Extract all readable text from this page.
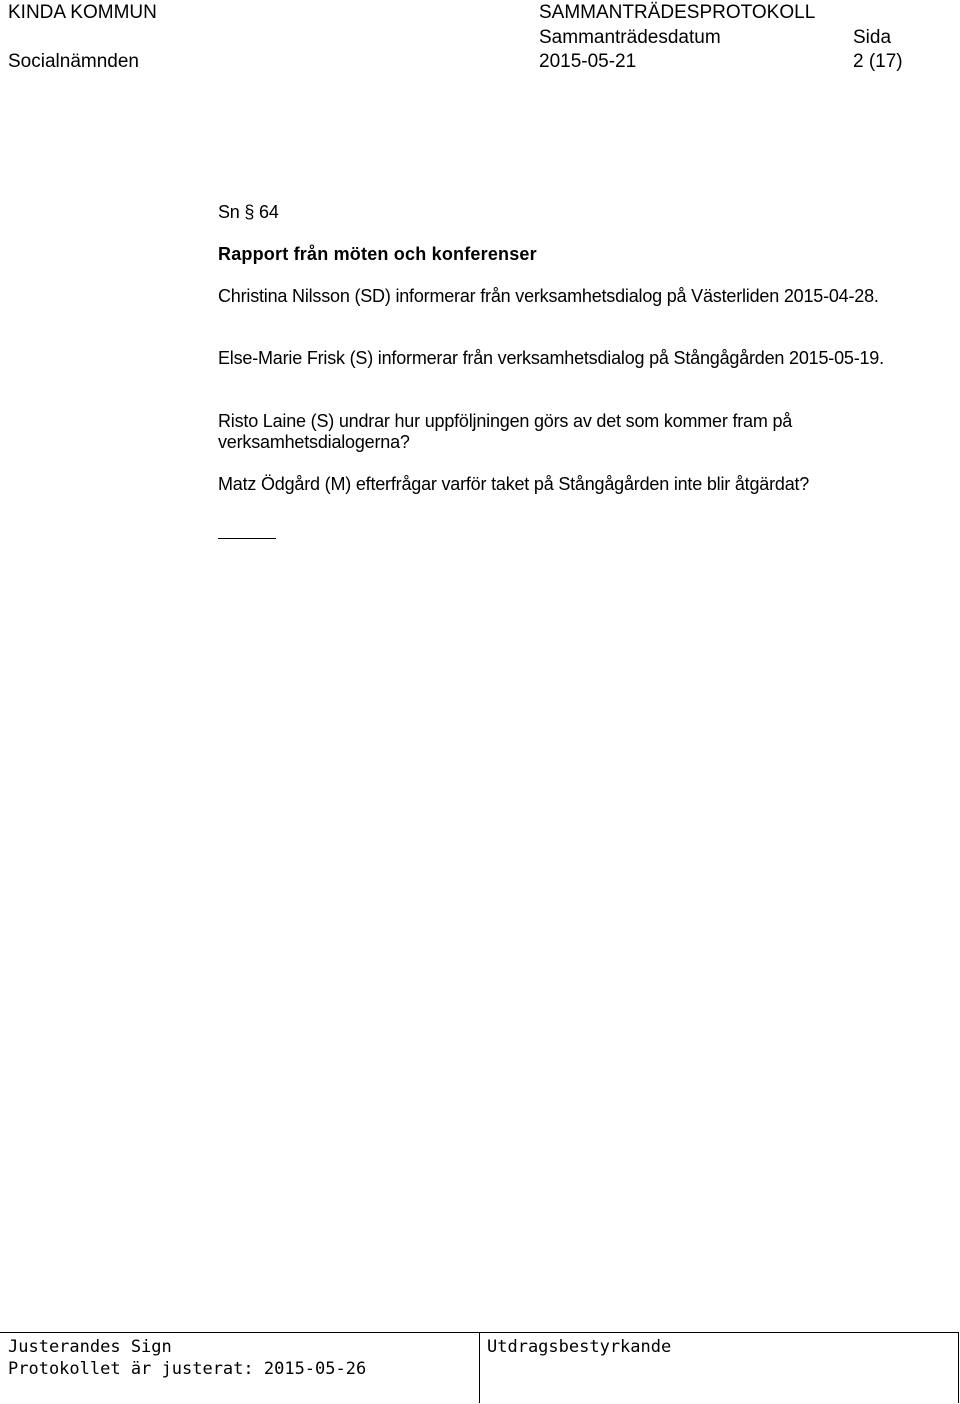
KINDA KOMMUN	SAMMANTRÄDESPROTOKOLL
Sammanträdesdatum	Sida
Socialnämnden	2015-05-21	2 (17)
Sn § 64
Rapport från möten och konferenser
Christina Nilsson (SD) informerar från verksamhetsdialog på Västerliden 2015-04-28.
Else-Marie Frisk (S) informerar från verksamhetsdialog på Stångågården 2015-05-19.
Risto Laine (S) undrar hur uppföljningen görs av det som kommer fram på verksamhetsdialogerna?
Matz Ödgård (M) efterfrågar varför taket på Stångågården inte blir åtgärdat?
Justerandes Sign
Protokollet är justerat: 2015-05-26
Utdragsbestyrkande
